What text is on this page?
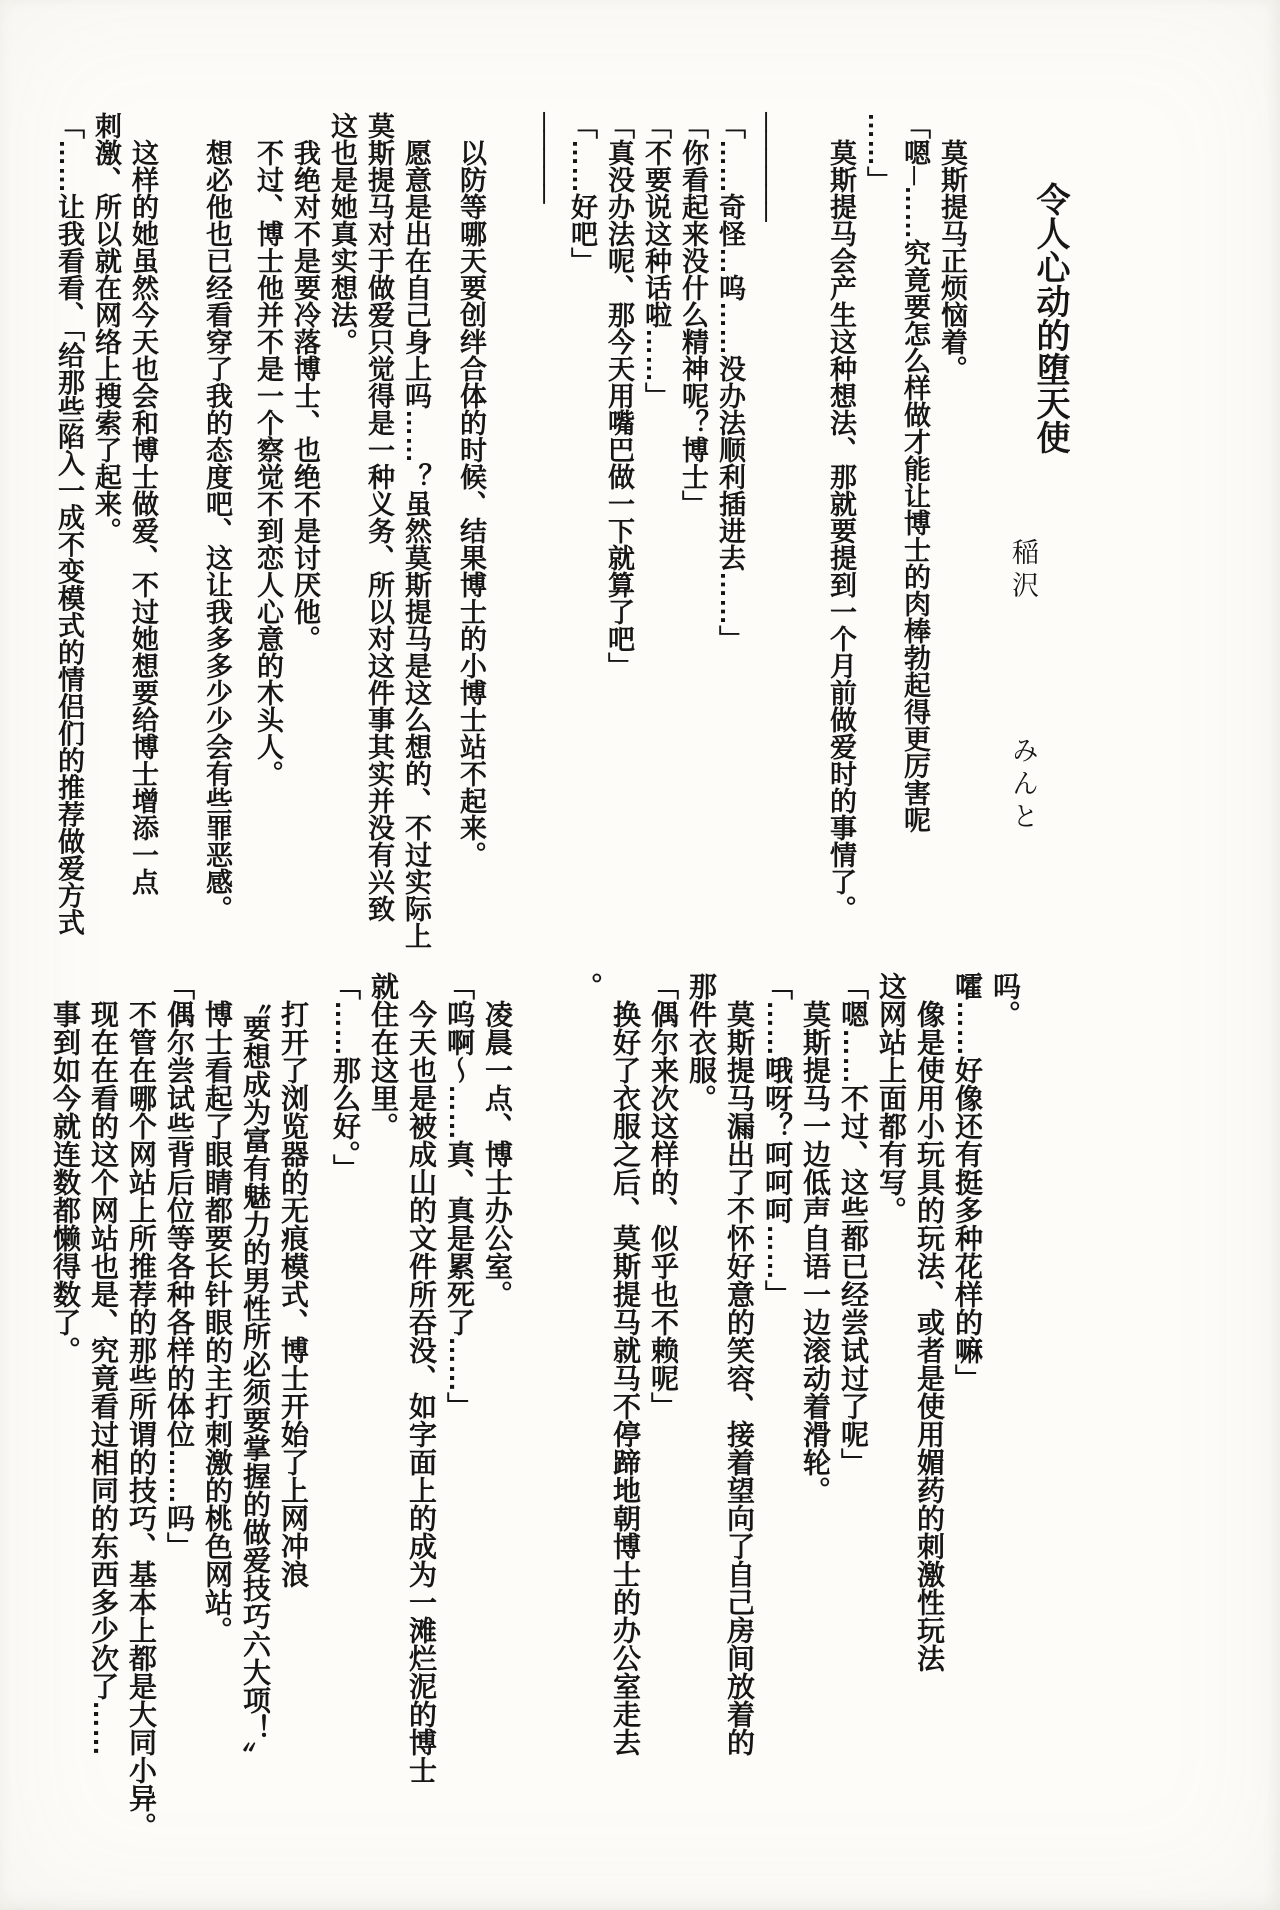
令人心动的堕天使
稲沢　　　　みんと
　莫斯提马正烦恼着。
「嗯─……究竟要怎么样做才能让博士的肉棒勃起得更厉害呢
……」
　莫斯提马会产生这种想法、那就要提到一个月前做爱时的事情了。
──────
「……奇怪…呜……没办法顺利插进去……」
「你看起来没什么精神呢？博士」
「不要说这种话啦……」
「真没办法呢、那今天用嘴巴做一下就算了吧」
「……好吧」
─────
　以防等哪天要创绊合体的时候、结果博士的小博士站不起来。
　愿意是出在自己身上吗……？虽然莫斯提马是这么想的、不过实际上
莫斯提马对于做爱只觉得是一种义务、所以对这件事其实并没有兴致
这也是她真实想法。
　我绝对不是要冷落博士、也绝不是讨厌他。
　不过、博士他并不是一个察觉不到恋人心意的木头人。
　想必他也已经看穿了我的态度吧、这让我多多少少会有些罪恶感。
　这样的她虽然今天也会和博士做爱、不过她想要给博士增添一点
刺激、所以就在网络上搜索了起来。
「……让我看看、「给那些陷入一成不变模式的情侣们的推荐做爱方式
吗。
嚯……好像还有挺多种花样的嘛」
　像是使用小玩具的玩法、或者是使用媚药的刺激性玩法
这网站上面都有写。
「嗯……不过、这些都已经尝试过了呢」
　莫斯提马一边低声自语一边滚动着滑轮。
「……哦呀？呵呵呵……」
　莫斯提马漏出了不怀好意的笑容、接着望向了自己房间放着的
那件衣服。
「偶尔来次这样的、似乎也不赖呢」
　换好了衣服之后、莫斯提马就马不停蹄地朝博士的办公室走去
。
　凌晨一点、博士办公室。
「呜啊〜……真、真是累死了……」
　今天也是被成山的文件所吞没、如字面上的成为一滩烂泥的博士
就住在这里。
「……那么好。」
　打开了浏览器的无痕模式、博士开始了上网冲浪
　〝要想成为富有魅力的男性所必须要掌握的做爱技巧六大项！〟
　博士看起了眼睛都要长针眼的主打刺激的桃色网站。
「偶尔尝试些背后位等各种各样的体位……吗」
　不管在哪个网站上所推荐的那些所谓的技巧、基本上都是大同小异。
　现在在看的这个网站也是、究竟看过相同的东西多少次了……
　事到如今就连数都懒得数了。
